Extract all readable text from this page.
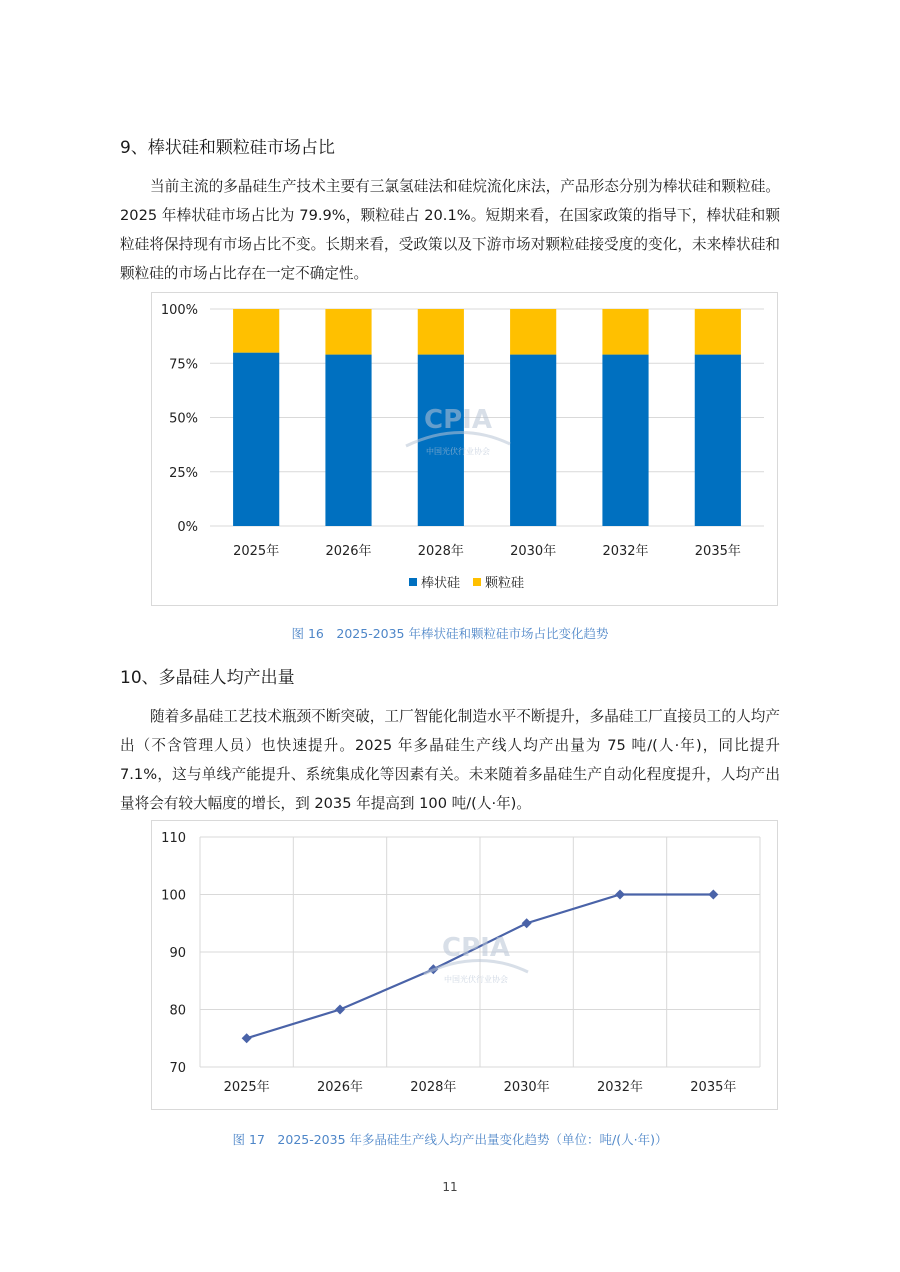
9、棒状硅和颗粒硅市场占比

当前主流的多晶硅生产技术主要有三氯氢硅法和硅烷流化床法，产品形态分别为棒状硅和颗粒硅。2025 年棒状硅市场占比为 79.9%，颗粒硅占 20.1%。短期来看，在国家政策的指导下，棒状硅和颗粒硅将保持现有市场占比不变。长期来看，受政策以及下游市场对颗粒硅接受度的变化，未来棒状硅和颗粒硅的市场占比存在一定不确定性。

0%
25%
50%
75%
100%
2025年	2026年	2028年	2030年	2032年	2035年
棒状硅 颗粒硅
图 16　2025-2035 年棒状硅和颗粒硅市场占比变化趋势
10、多晶硅人均产出量

随着多晶硅工艺技术瓶颈不断突破，工厂智能化制造水平不断提升，多晶硅工厂直接员工的人均产出（不含管理人员）也快速提升。2025 年多晶硅生产线人均产出量为 75 吨/(人·年)，同比提升 7.1%，这与单线产能提升、系统集成化等因素有关。未来随着多晶硅生产自动化程度提升，人均产出量将会有较大幅度的增长，到 2035 年提高到 100 吨/(人·年)。

70
80
90
100
110
2025年	2026年	2028年	2030年	2032年	2035年
图 17　2025-2035 年多晶硅生产线人均产出量变化趋势（单位：吨/(人·年)）
CPIA
中国光伏行业协会
CPIA
中国光伏行业协会
11
